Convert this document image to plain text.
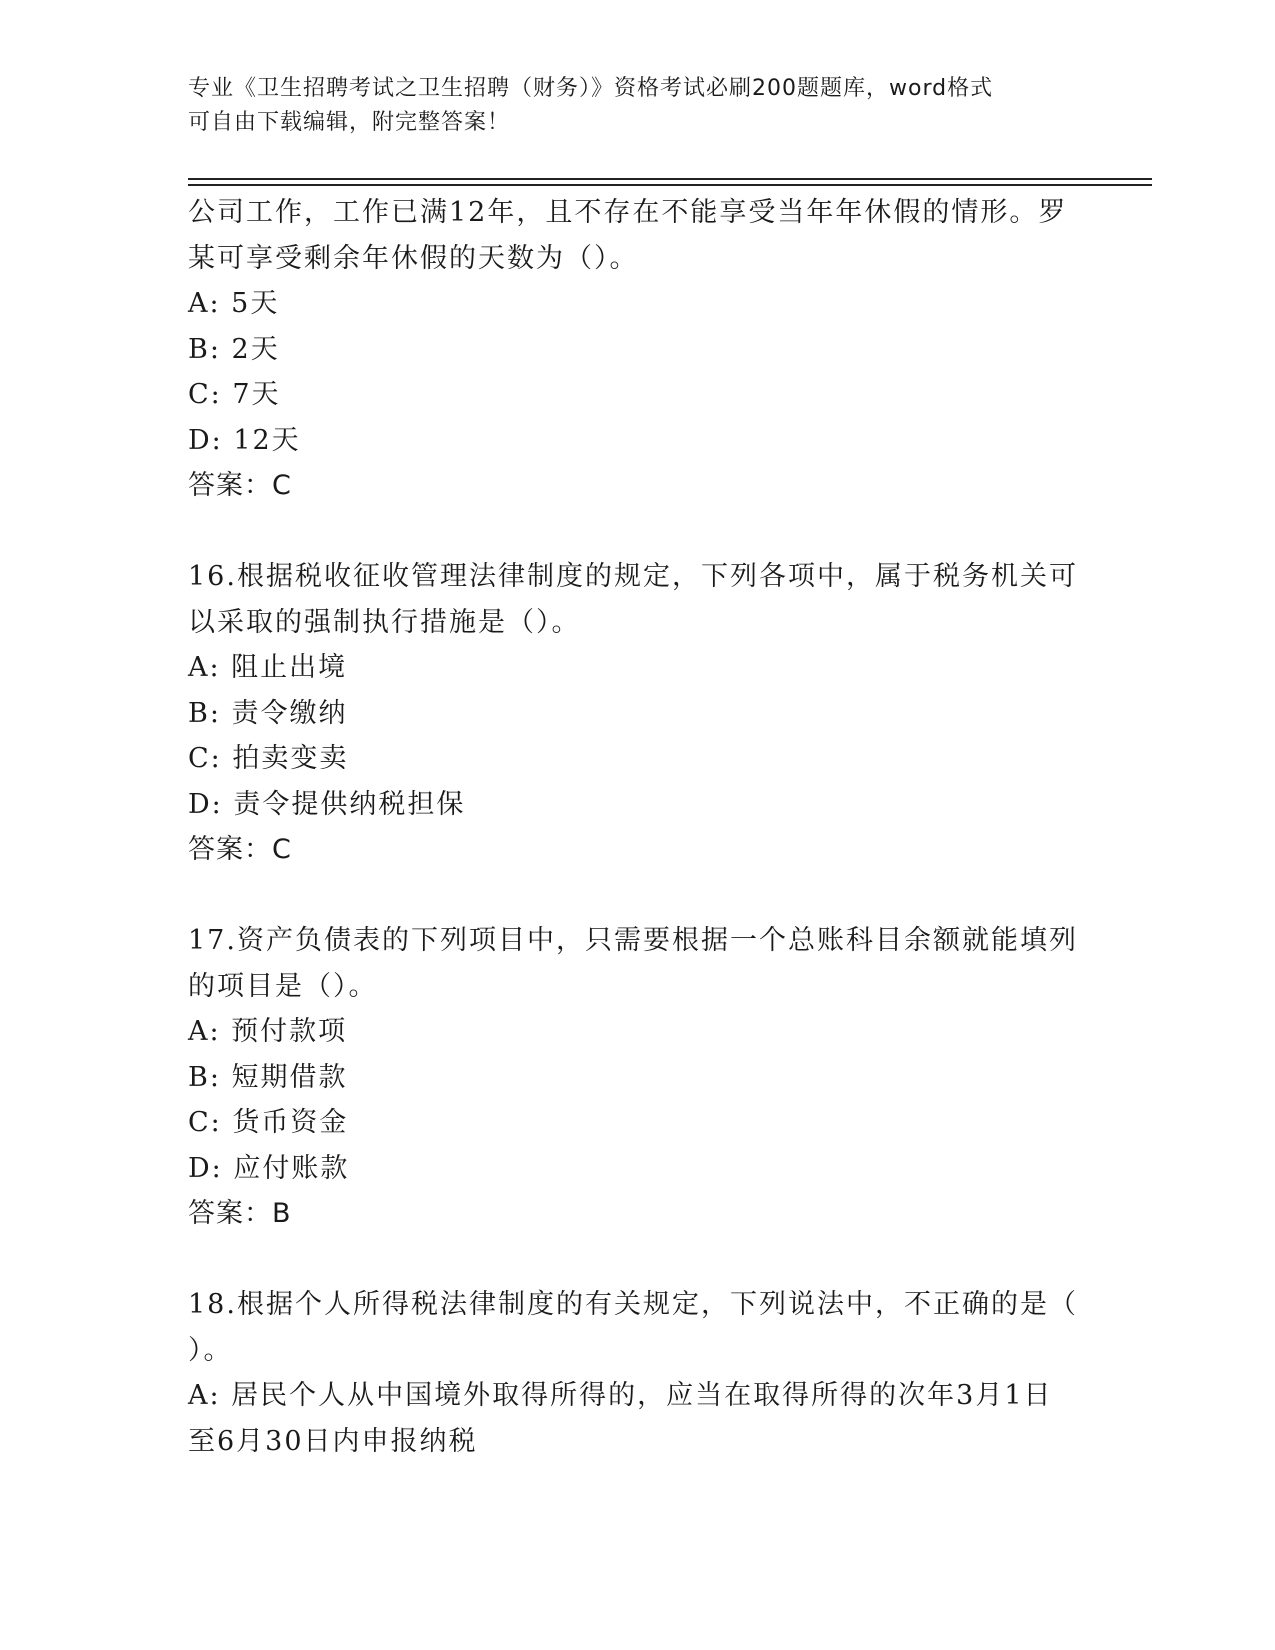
专业《卫生招聘考试之卫生招聘（财务）》资格考试必刷200题题库，word格式
可自由下载编辑，附完整答案！
公司工作，工作已满12年，且不存在不能享受当年年休假的情形。罗
某可享受剩余年休假的天数为（）。
A: 5天
B: 2天
C: 7天
D: 12天
答案：C
16.根据税收征收管理法律制度的规定，下列各项中，属于税务机关可
以采取的强制执行措施是（）。
A: 阻止出境
B: 责令缴纳
C: 拍卖变卖
D: 责令提供纳税担保
答案：C
17.资产负债表的下列项目中，只需要根据一个总账科目余额就能填列
的项目是（）。
A: 预付款项
B: 短期借款
C: 货币资金
D: 应付账款
答案：B
18.根据个人所得税法律制度的有关规定，下列说法中，不正确的是（
）。
A: 居民个人从中国境外取得所得的，应当在取得所得的次年3月1日
至6月30日内申报纳税
